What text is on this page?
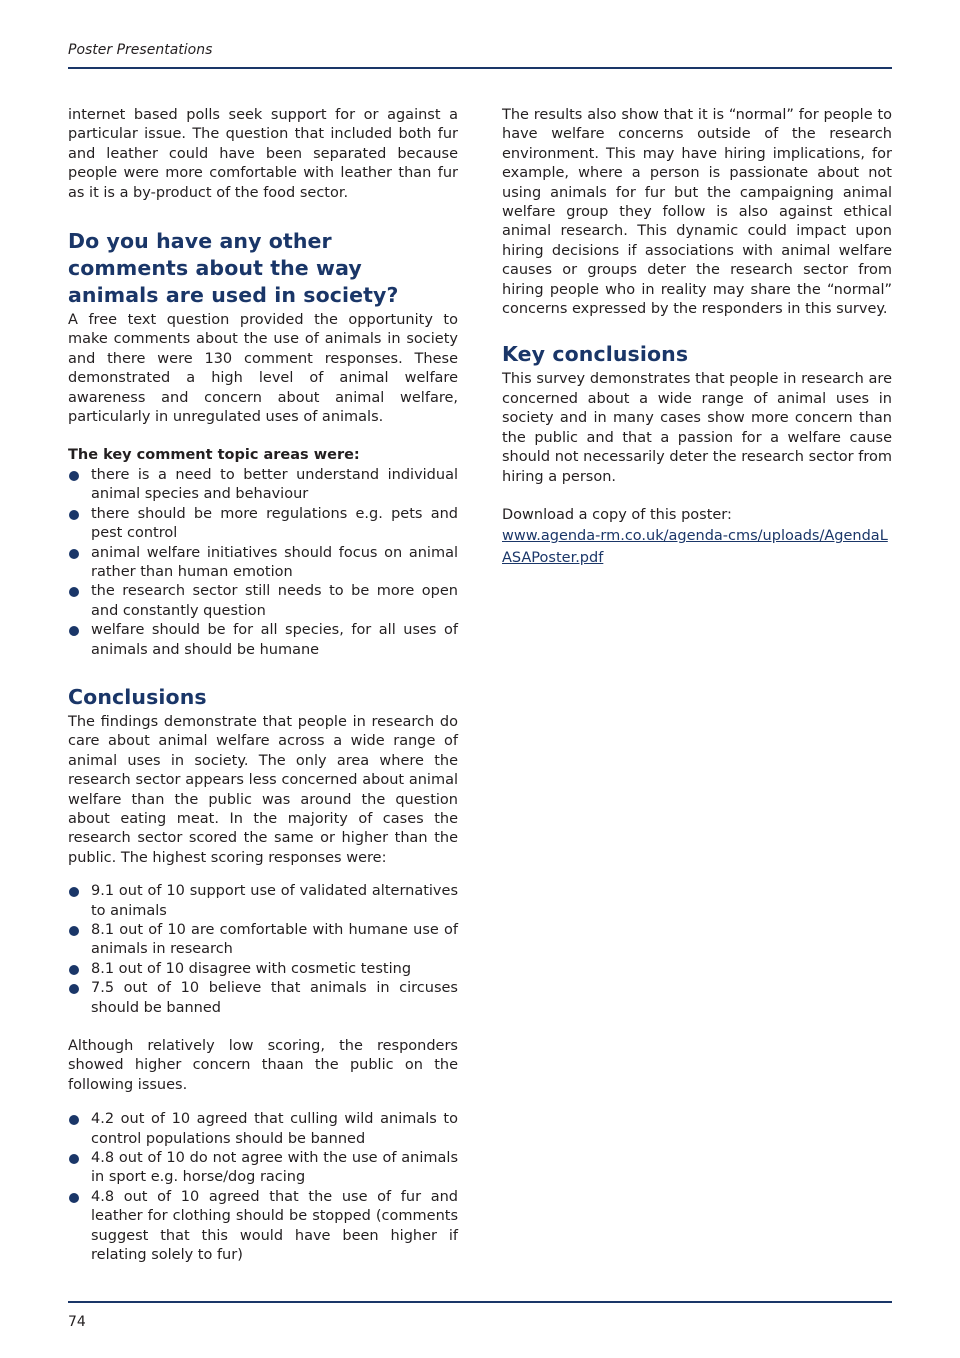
Poster Presentations

internet based polls seek support for or against a particular issue. The question that included both fur and leather could have been separated because people were more comfortable with leather than fur as it is a by-product of the food sector.

Do you have any other comments about the way animals are used in society?

A free text question provided the opportunity to make comments about the use of animals in society and there were 130 comment responses. These demonstrated a high level of animal welfare awareness and concern about animal welfare, particularly in unregulated uses of animals.

The key comment topic areas were:
there is a need to better understand individual animal species and behaviour
there should be more regulations e.g. pets and pest control
animal welfare initiatives should focus on animal rather than human emotion
the research sector still needs to be more open and constantly question
welfare should be for all species, for all uses of animals and should be humane
Conclusions

The findings demonstrate that people in research do care about animal welfare across a wide range of animal uses in society. The only area where the research sector appears less concerned about animal welfare than the public was around the question about eating meat. In the majority of cases the research sector scored the same or higher than the public. The highest scoring responses were:

9.1 out of 10 support use of validated alternatives to animals
8.1 out of 10 are comfortable with humane use of animals in research
8.1 out of 10 disagree with cosmetic testing
7.5 out of 10 believe that animals in circuses should be banned

Although relatively low scoring, the responders showed higher concern thaan the public on the following issues.

4.2 out of 10 agreed that culling wild animals to control populations should be banned
4.8 out of 10 do not agree with the use of animals in sport e.g. horse/dog racing
4.8 out of 10 agreed that the use of fur and leather for clothing should be stopped (comments suggest that this would have been higher if relating solely to fur)

The results also show that it is “normal” for people to have welfare concerns outside of the research environment. This may have hiring implications, for example, where a person is passionate about not using animals for fur but the campaigning animal welfare group they follow is also against ethical animal research. This dynamic could impact upon hiring decisions if associations with animal welfare causes or groups deter the research sector from hiring people who in reality may share the “normal” concerns expressed by the responders in this survey.

Key conclusions

This survey demonstrates that people in research are concerned about a wide range of animal uses in society and in many cases show more concern than the public and that a passion for a welfare cause should not necessarily deter the research sector from hiring a person.

Download a copy of this poster:

www.agenda-rm.co.uk/agenda-cms/uploads/AgendaLASAPoster.pdf
74
